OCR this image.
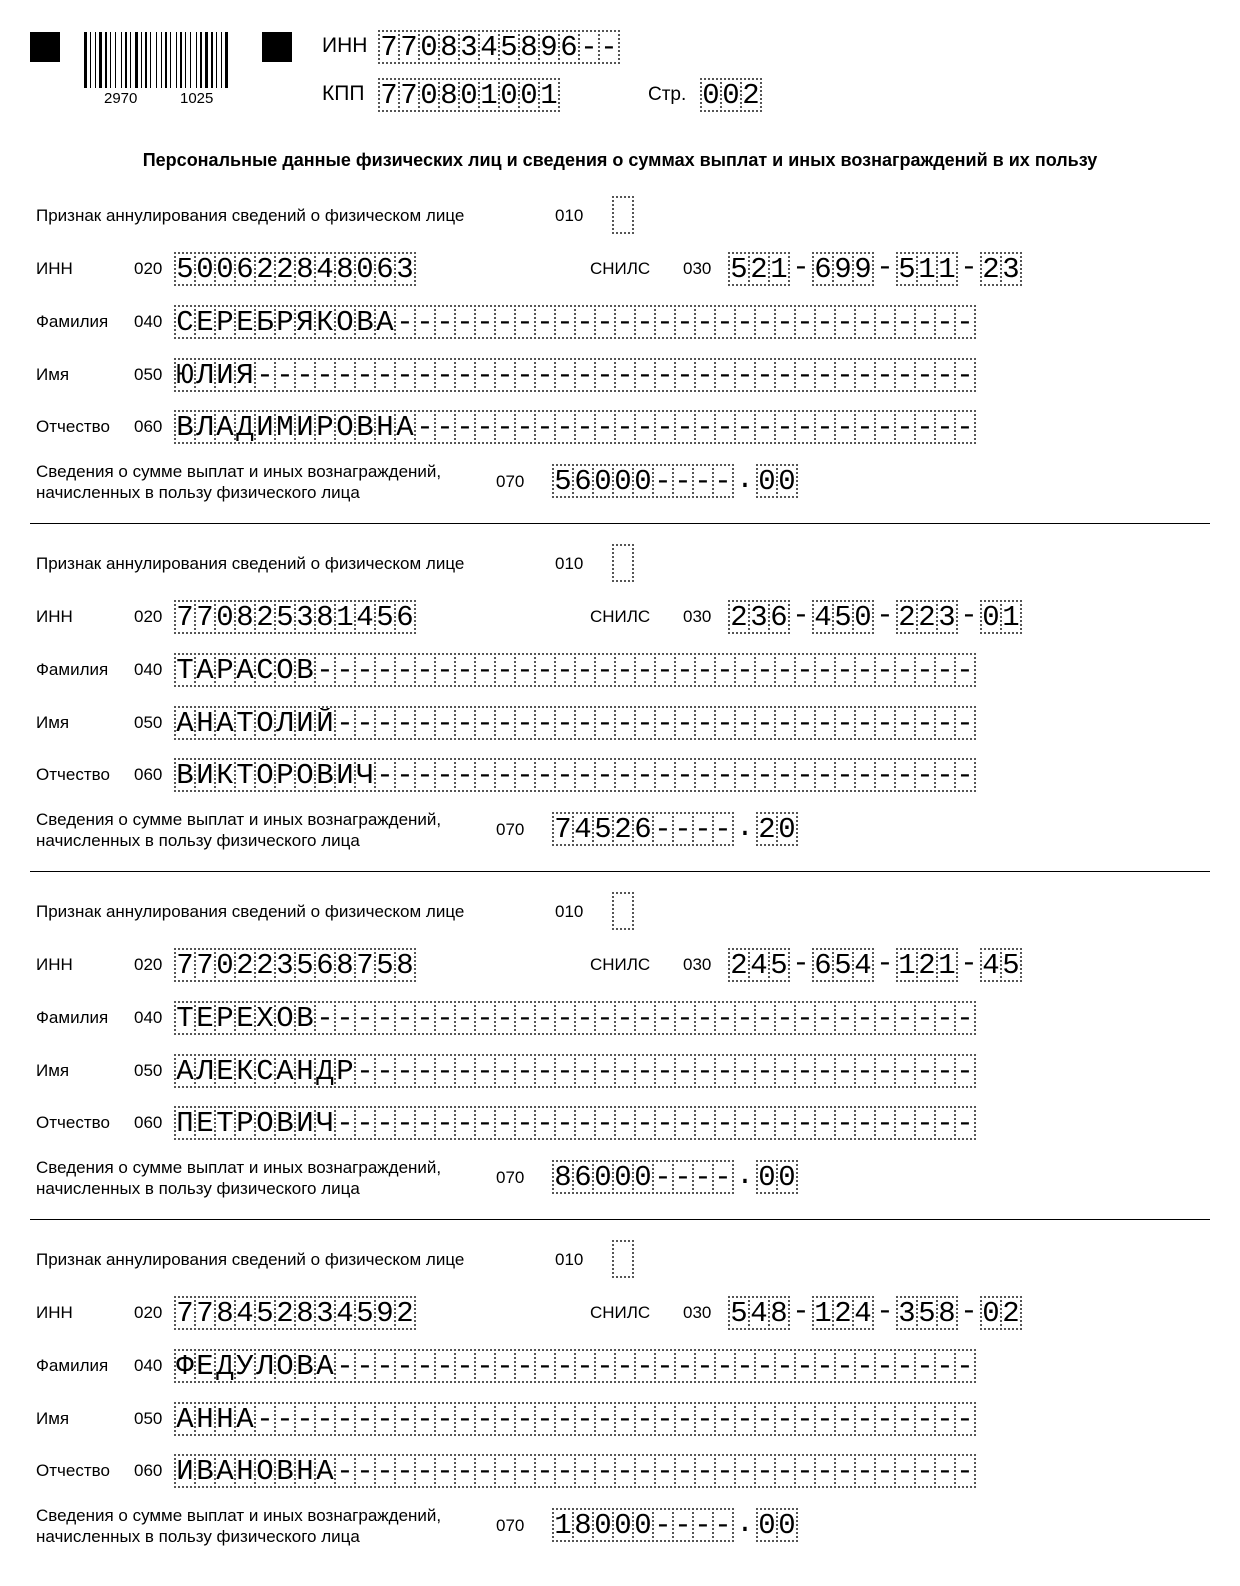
2970	1025
ИНН 7 7 0 8 3 4 5 8 9 6 - -
КПП 7 7 0 8 0 1 0 0 1	Стр. 0 0 2
Персональные данные физических лиц и сведения о суммах выплат и иных вознаграждений в их пользу
Признак аннулирования сведений о физическом лице	010
ИНН	020 5 0 0 6 2 2 8 4 8 0 6 3	СНИЛС 030 5 2 1 - 6 9 9 - 5 1 1 - 2 3
Фамилия 040 С Е Р Е Б Р Я К О В А - - - - - - - - - - - - - - - - - - - - - - - - - - - - -
Имя	050 Ю Л И Я - - - - - - - - - - - - - - - - - - - - - - - - - - - - - - - - - - - -
Отчество 060 В Л А Д И М И Р О В Н А - - - - - - - - - - - - - - - - - - - - - - - - - - - -
Сведения о сумме выплат и иных вознаграждений,
начисленных в пользу физического лица
070 5 6 0 0 0 - - - - . 0 0
Признак аннулирования сведений о физическом лице	010
ИНН	020 7 7 0 8 2 5 3 8 1 4 5 6	СНИЛС 030 2 3 6 - 4 5 0 - 2 2 3 - 0 1
Фамилия 040 Т А Р А С О В - - - - - - - - - - - - - - - - - - - - - - - - - - - - - - - - -
Имя	050 А Н А Т О Л И Й - - - - - - - - - - - - - - - - - - - - - - - - - - - - - - - -
Отчество 060 В И К Т О Р О В И Ч - - - - - - - - - - - - - - - - - - - - - - - - - - - - - -
Сведения о сумме выплат и иных вознаграждений,
начисленных в пользу физического лица
070 7 4 5 2 6 - - - - . 2 0
Признак аннулирования сведений о физическом лице	010
ИНН	020 7 7 0 2 2 3 5 6 8 7 5 8	СНИЛС 030 2 4 5 - 6 5 4 - 1 2 1 - 4 5
Фамилия 040 Т Е Р Е Х О В - - - - - - - - - - - - - - - - - - - - - - - - - - - - - - - - -
Имя	050 А Л Е К С А Н Д Р - - - - - - - - - - - - - - - - - - - - - - - - - - - - - - -
Отчество 060 П Е Т Р О В И Ч - - - - - - - - - - - - - - - - - - - - - - - - - - - - - - - -
Сведения о сумме выплат и иных вознаграждений,
начисленных в пользу физического лица
070 8 6 0 0 0 - - - - . 0 0
Признак аннулирования сведений о физическом лице	010
ИНН	020 7 7 8 4 5 2 8 3 4 5 9 2	СНИЛС 030 5 4 8 - 1 2 4 - 3 5 8 - 0 2
Фамилия 040 Ф Е Д У Л О В А - - - - - - - - - - - - - - - - - - - - - - - - - - - - - - - -
Имя	050 А Н Н А - - - - - - - - - - - - - - - - - - - - - - - - - - - - - - - - - - - -
Отчество 060 И В А Н О В Н А - - - - - - - - - - - - - - - - - - - - - - - - - - - - - - - -
Сведения о сумме выплат и иных вознаграждений,
начисленных в пользу физического лица
070 1 8 0 0 0 - - - - . 0 0
